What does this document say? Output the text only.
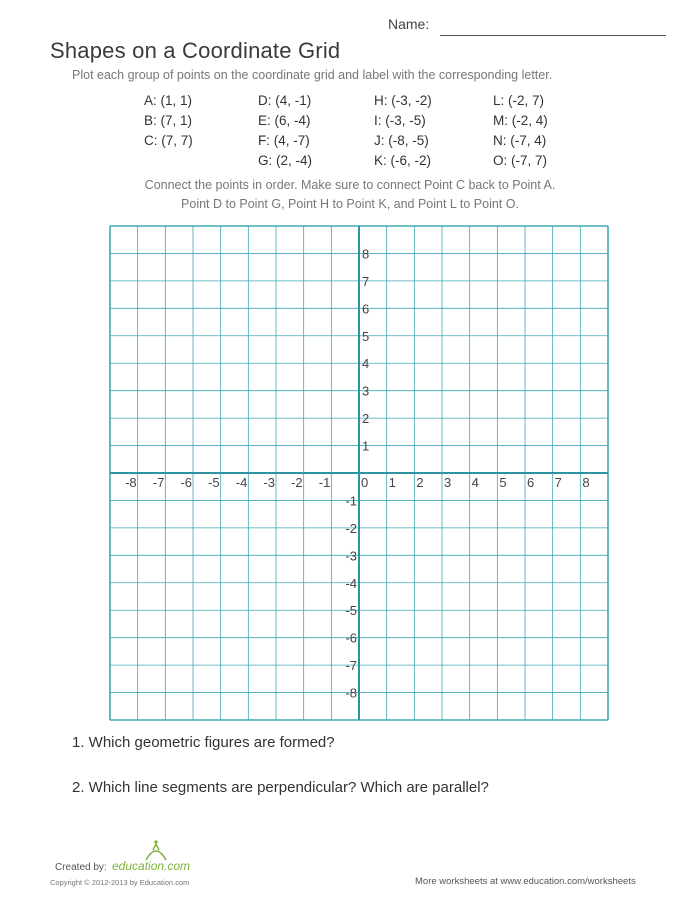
Name:
Shapes on a Coordinate Grid
Plot each group of points on the coordinate grid and label with the corresponding letter.
A: (1, 1)
B: (7, 1)
C: (7, 7)
D: (4, -1)
E: (6, -4)
F: (4, -7)
G: (2, -4)
H: (-3, -2)
I: (-3, -5)
J: (-8, -5)
K: (-6, -2)
L: (-2, 7)
M: (-2, 4)
N: (-7, 4)
O: (-7, 7)
Connect the points in order. Make sure to connect Point C back to Point A.
Point D to Point G, Point H to Point K, and Point L to Point O.
-8 -7 -6 -5 -4 -3 -2 -1 0 1 2 3 4 5 6 7 8
8
7
6
5
4
3
2
1
-1
-2
-3
-4
-5
-6
-7
-8
1. Which geometric figures are formed?
2. Which line segments are perpendicular? Which are parallel?
Created by: education.com
Copyright © 2012-2013 by Education.com	More worksheets at www.education.com/worksheets
